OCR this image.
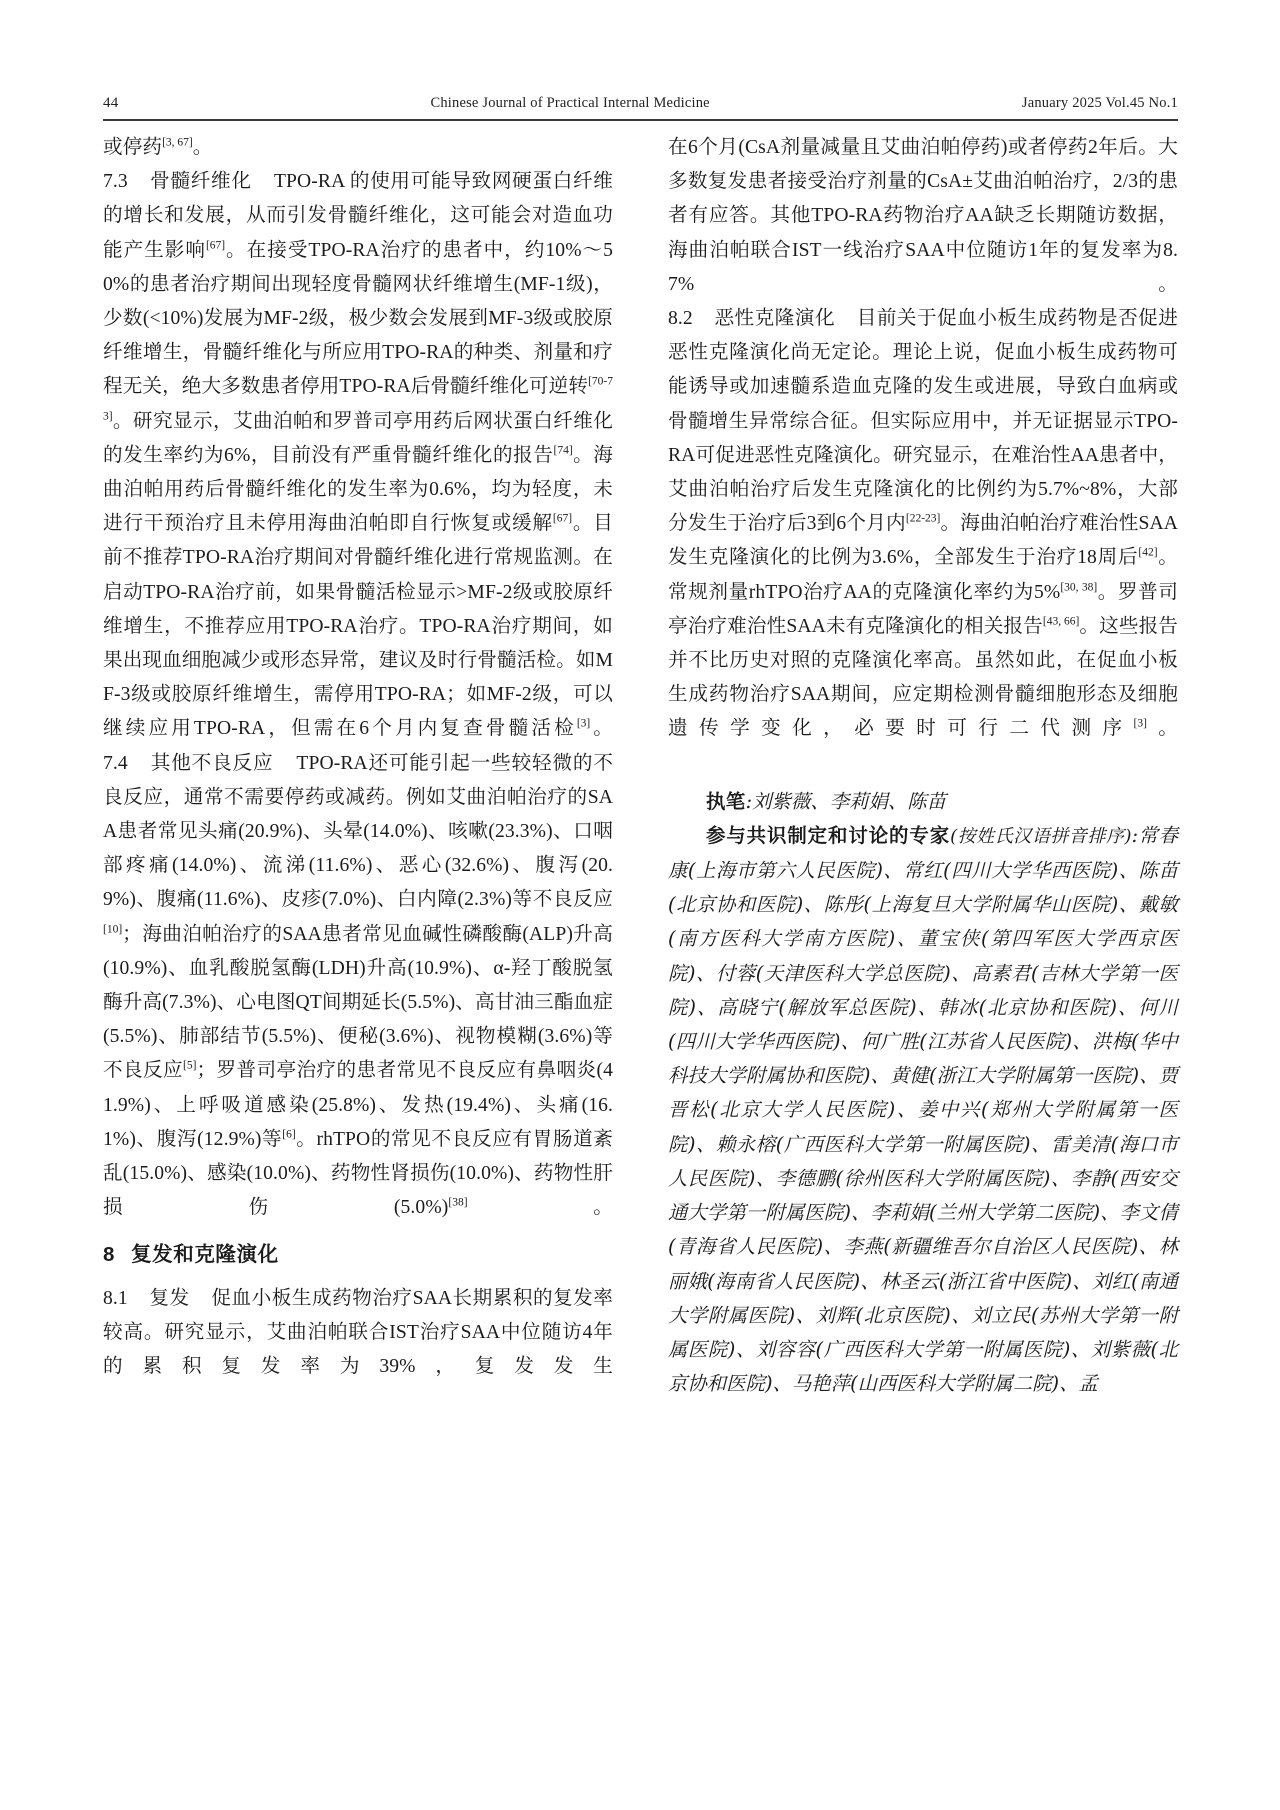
44	Chinese Journal of Practical Internal Medicine	January 2025 Vol.45 No.1

或停药[3, 67]。

7.3 骨髓纤维化 TPO-RA 的使用可能导致网硬蛋白纤维的增长和发展，从而引发骨髓纤维化，这可能会对造血功能产生影响[67]。在接受TPO-RA治疗的患者中，约10%～50%的患者治疗期间出现轻度骨髓网状纤维增生(MF-1级)，少数(<10%)发展为MF-2级，极少数会发展到MF-3级或胶原纤维增生，骨髓纤维化与所应用TPO-RA的种类、剂量和疗程无关，绝大多数患者停用TPO-RA后骨髓纤维化可逆转[70-73]。研究显示，艾曲泊帕和罗普司亭用药后网状蛋白纤维化的发生率约为6%，目前没有严重骨髓纤维化的报告[74]。海曲泊帕用药后骨髓纤维化的发生率为0.6%，均为轻度，未进行干预治疗且未停用海曲泊帕即自行恢复或缓解[67]。目前不推荐TPO-RA治疗期间对骨髓纤维化进行常规监测。在启动TPO-RA治疗前，如果骨髓活检显示>MF-2级或胶原纤维增生，不推荐应用TPO-RA治疗。TPO-RA治疗期间，如果出现血细胞减少或形态异常，建议及时行骨髓活检。如MF-3级或胶原纤维增生，需停用TPO-RA；如MF-2级，可以继续应用TPO-RA，但需在6个月内复查骨髓活检[3]。

7.4 其他不良反应 TPO-RA还可能引起一些较轻微的不良反应，通常不需要停药或减药。例如艾曲泊帕治疗的SAA患者常见头痛(20.9%)、头晕(14.0%)、咳嗽(23.3%)、口咽部疼痛(14.0%)、流涕(11.6%)、恶心(32.6%)、腹泻(20.9%)、腹痛(11.6%)、皮疹(7.0%)、白内障(2.3%)等不良反应[10]；海曲泊帕治疗的SAA患者常见血碱性磷酸酶(ALP)升高(10.9%)、血乳酸脱氢酶(LDH)升高(10.9%)、α-羟丁酸脱氢酶升高(7.3%)、心电图QT间期延长(5.5%)、高甘油三酯血症(5.5%)、肺部结节(5.5%)、便秘(3.6%)、视物模糊(3.6%)等不良反应[5]；罗普司亭治疗的患者常见不良反应有鼻咽炎(41.9%)、上呼吸道感染(25.8%)、发热(19.4%)、头痛(16.1%)、腹泻(12.9%)等[6]。rhTPO的常见不良反应有胃肠道紊乱(15.0%)、感染(10.0%)、药物性肾损伤(10.0%)、药物性肝损伤(5.0%)[38]。

8 复发和克隆演化

8.1 复发 促血小板生成药物治疗SAA长期累积的复发率较高。研究显示，艾曲泊帕联合IST治疗SAA中位随访4年的累积复发率为39%，复发发生

在6个月(CsA剂量减量且艾曲泊帕停药)或者停药2年后。大多数复发患者接受治疗剂量的CsA±艾曲泊帕治疗，2/3的患者有应答。其他TPO-RA药物治疗AA缺乏长期随访数据，海曲泊帕联合IST一线治疗SAA中位随访1年的复发率为8.7%。

8.2 恶性克隆演化 目前关于促血小板生成药物是否促进恶性克隆演化尚无定论。理论上说，促血小板生成药物可能诱导或加速髓系造血克隆的发生或进展，导致白血病或骨髓增生异常综合征。但实际应用中，并无证据显示TPO-RA可促进恶性克隆演化。研究显示，在难治性AA患者中，艾曲泊帕治疗后发生克隆演化的比例约为5.7%~8%，大部分发生于治疗后3到6个月内[22-23]。海曲泊帕治疗难治性SAA发生克隆演化的比例为3.6%，全部发生于治疗18周后[42]。常规剂量rhTPO治疗AA的克隆演化率约为5%[30, 38]。罗普司亭治疗难治性SAA未有克隆演化的相关报告[43, 66]。这些报告并不比历史对照的克隆演化率高。虽然如此，在促血小板生成药物治疗SAA期间，应定期检测骨髓细胞形态及细胞遗传学变化，必要时可行二代测序[3]。

执笔:刘紫薇、李莉娟、陈苗

参与共识制定和讨论的专家(按姓氏汉语拼音排序):常春康(上海市第六人民医院)、常红(四川大学华西医院)、陈苗(北京协和医院)、陈彤(上海复旦大学附属华山医院)、戴敏(南方医科大学南方医院)、董宝侠(第四军医大学西京医院)、付蓉(天津医科大学总医院)、高素君(吉林大学第一医院)、高晓宁(解放军总医院)、韩冰(北京协和医院)、何川(四川大学华西医院)、何广胜(江苏省人民医院)、洪梅(华中科技大学附属协和医院)、黄健(浙江大学附属第一医院)、贾晋松(北京大学人民医院)、姜中兴(郑州大学附属第一医院)、赖永榕(广西医科大学第一附属医院)、雷美清(海口市人民医院)、李德鹏(徐州医科大学附属医院)、李静(西安交通大学第一附属医院)、李莉娟(兰州大学第二医院)、李文倩(青海省人民医院)、李燕(新疆维吾尔自治区人民医院)、林丽娥(海南省人民医院)、林圣云(浙江省中医院)、刘红(南通大学附属医院)、刘辉(北京医院)、刘立民(苏州大学第一附属医院)、刘容容(广西医科大学第一附属医院)、刘紫薇(北京协和医院)、马艳萍(山西医科大学附属二院)、孟
